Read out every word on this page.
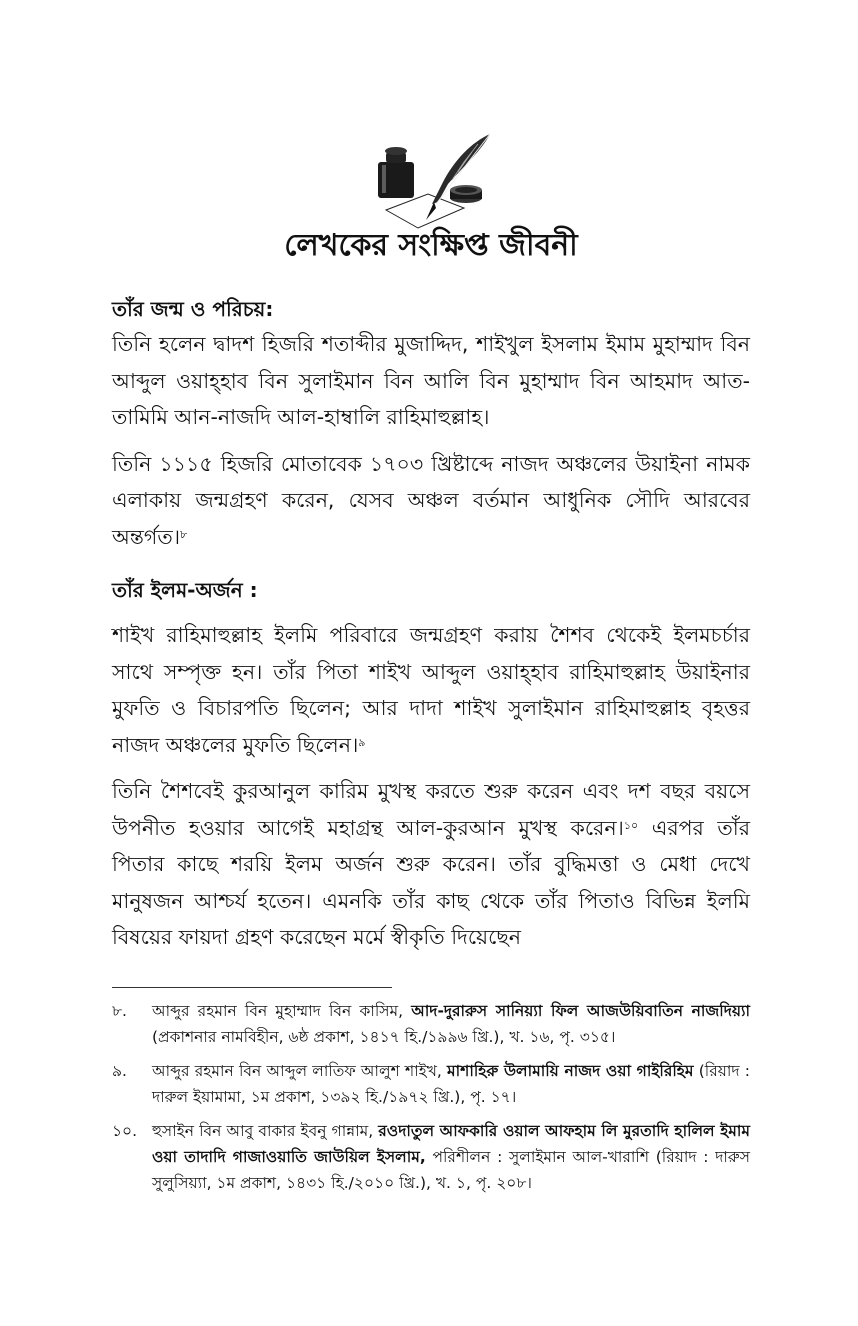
লেখকের সংক্ষিপ্ত জীবনী
তাঁর জন্ম ও পরিচয়:

তিনি হলেন দ্বাদশ হিজরি শতাব্দীর মুজাদ্দিদ, শাইখুল ইসলাম ইমাম মুহাম্মাদ বিন আব্দুল ওয়াহ্হাব বিন সুলাইমান বিন আলি বিন মুহাম্মাদ বিন আহমাদ আত-তামিমি আন-নাজদি আল-হাম্বালি রাহিমাহুল্লাহ।

তিনি ১১১৫ হিজরি মোতাবেক ১৭০৩ খ্রিষ্টাব্দে নাজদ অঞ্চলের উয়াইনা নামক এলাকায় জন্মগ্রহণ করেন, যেসব অঞ্চল বর্তমান আধুনিক সৌদি আরবের অন্তর্গত।$^৮$

তাঁর ইলম-অর্জন :

শাইখ রাহিমাহুল্লাহ ইলমি পরিবারে জন্মগ্রহণ করায় শৈশব থেকেই ইলমচর্চার সাথে সম্পৃক্ত হন। তাঁর পিতা শাইখ আব্দুল ওয়াহ্হাব রাহিমাহুল্লাহ উয়াইনার মুফতি ও বিচারপতি ছিলেন; আর দাদা শাইখ সুলাইমান রাহিমাহুল্লাহ বৃহত্তর নাজদ অঞ্চলের মুফতি ছিলেন।$^৯$

তিনি শৈশবেই কুরআনুল কারিম মুখস্থ করতে শুরু করেন এবং দশ বছর বয়সে উপনীত হওয়ার আগেই মহাগ্রন্থ আল-কুরআন মুখস্থ করেন।$^{১০}$ এরপর তাঁর পিতার কাছে শরয়ি ইলম অর্জন শুরু করেন। তাঁর বুদ্ধিমত্তা ও মেধা দেখে মানুষজন আশ্চর্য হতেন। এমনকি তাঁর কাছ থেকে তাঁর পিতাও বিভিন্ন ইলমি বিষয়ের ফায়দা গ্রহণ করেছেন মর্মে স্বীকৃতি দিয়েছেন

৮. আব্দুর রহমান বিন মুহাম্মাদ বিন কাসিম, আদ-দুরারুস সানিয়্যা ফিল আজউয়িবাতিন নাজদিয়্যা (প্রকাশনার নামবিহীন, ৬ষ্ঠ প্রকাশ, ১৪১৭ হি./১৯৯৬ খ্রি.), খ. ১৬, পৃ. ৩১৫।
৯. আব্দুর রহমান বিন আব্দুল লাতিফ আলুশ শাইখ, মাশাহিরু উলামায়ি নাজদ ওয়া গাইরিহিম (রিয়াদ : দারুল ইয়ামামা, ১ম প্রকাশ, ১৩৯২ হি./১৯৭২ খ্রি.), পৃ. ১৭।
১০. হুসাইন বিন আবু বাকার ইবনু গান্নাম, রওদাতুল আফকারি ওয়াল আফহাম লি মুরতাদি হালিল ইমাম ওয়া তাদাদি গাজাওয়াতি জাউয়িল ইসলাম, পরিশীলন : সুলাইমান আল-খারাশি (রিয়াদ : দারুস সুলুসিয়্যা, ১ম প্রকাশ, ১৪৩১ হি./২০১০ খ্রি.), খ. ১, পৃ. ২০৮।
